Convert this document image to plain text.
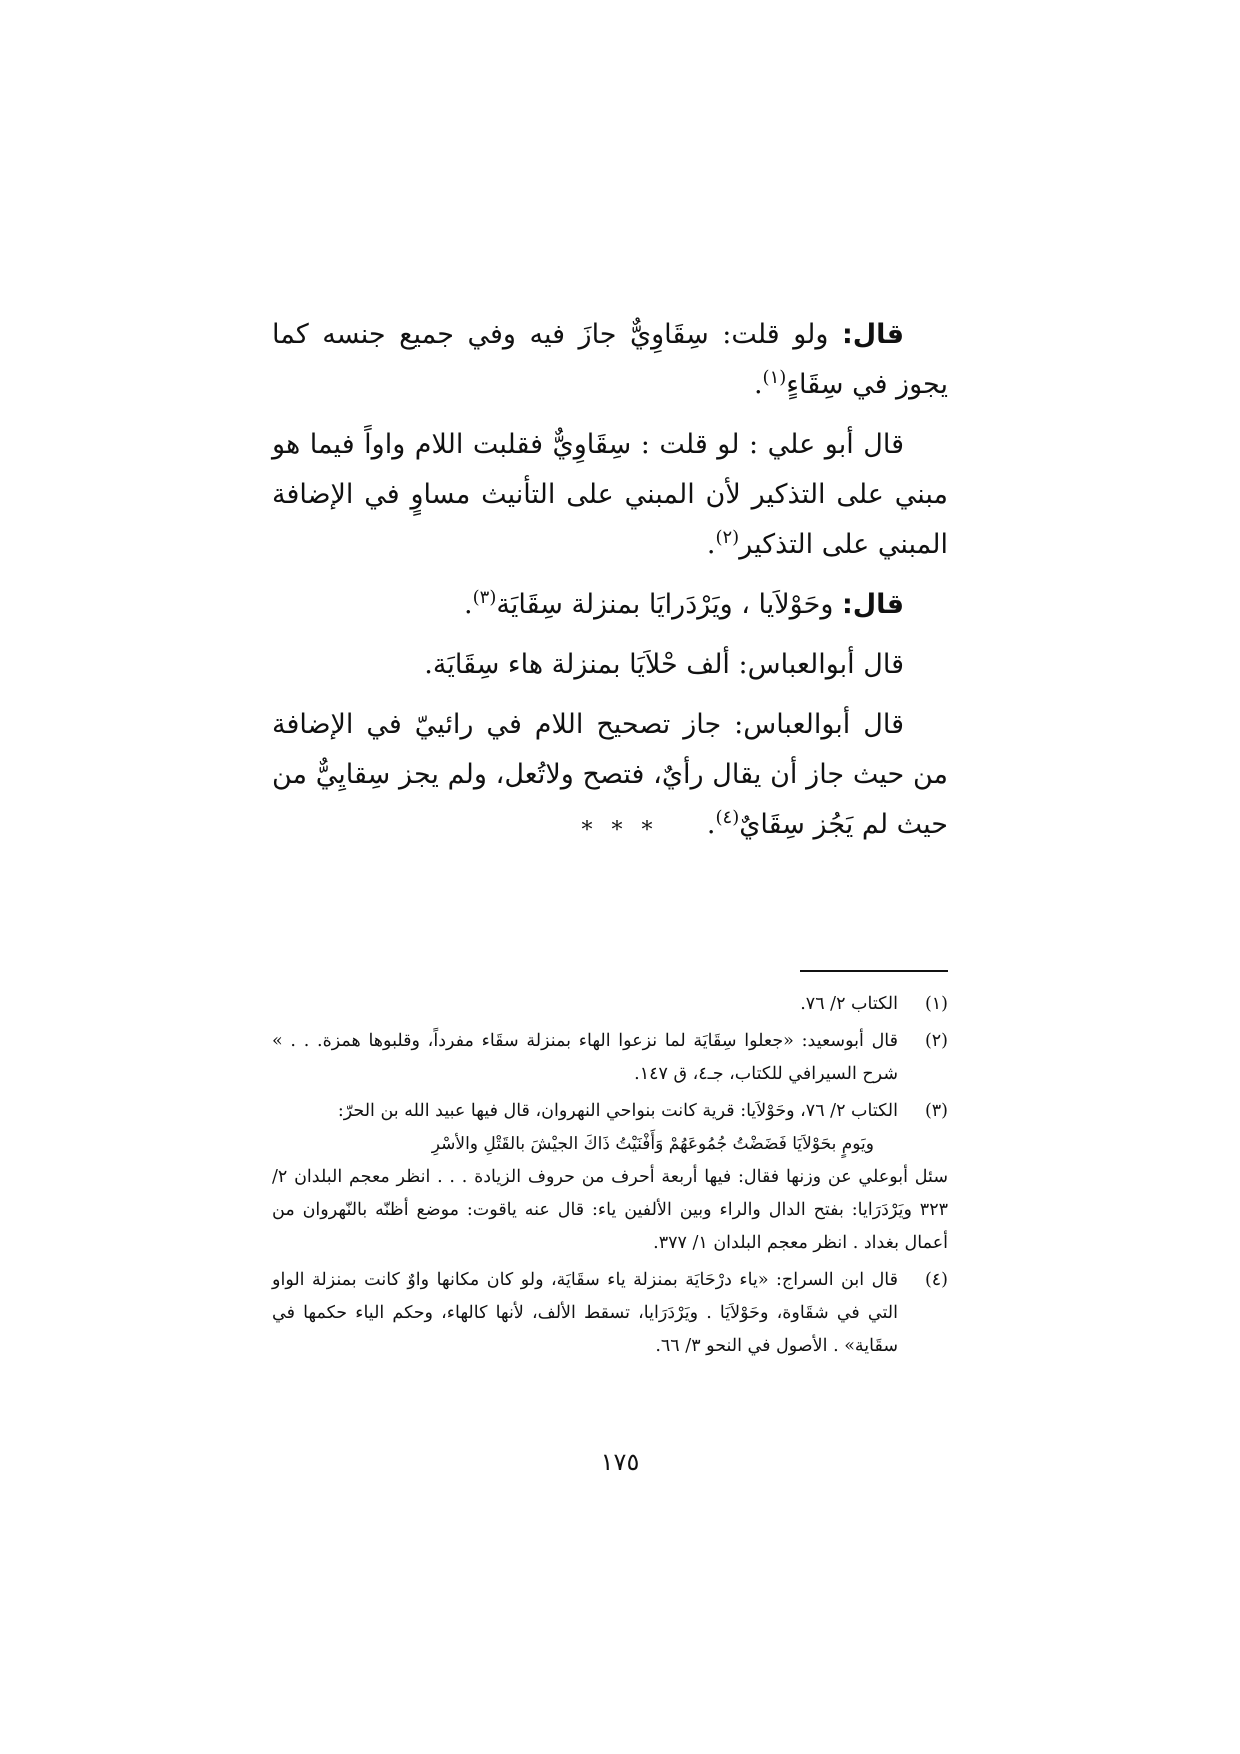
قال: ولو قلت: سِقَاوِيٌّ جازَ فيه وفي جميع جنسه كما يجوز في سِقَاءٍ$^{(١)}$.

قال أبو علي : لو قلت : سِقَاوِيٌّ فقلبت اللام واواً فيما هو مبني على التذكير لأن المبني على التأنيث مساوٍ في الإضافة المبني على التذكير$^{(٢)}$.

قال: وحَوْلاَيا ، ويَرْدَرايَا بمنزلة سِقَايَة$^{(٣)}$.

قال أبوالعباس: ألف حْلاَيَا بمنزلة هاء سِقَايَة.

قال أبوالعباس: جاز تصحيح اللام في رائييّ في الإضافة من حيث جاز أن يقال رأيٌ، فتصح ولاتُعل، ولم يجز سِقايِيٌّ من حيث لم يَجُز سِقَايٌ$^{(٤)}$.

* * *
(١)
الكتاب ٢/ ٧٦.
(٢)
قال أبوسعيد: «جعلوا سِقَايَة لما نزعوا الهاء بمنزلة سقَاء مفرداً، وقلبوها همزة. . . » شرح السيرافي للكتاب، جـ٤، ق ١٤٧.
(٣)
الكتاب ٢/ ٧٦، وحَوْلاَيا: قرية كانت بنواحي النهروان، قال فيها عبيد الله بن الحرّ:
ويَومٍ بحَوْلاَيَا فَضَضْتُ جُمُوعَهُمْ وَأَفْنَيْتُ ذَاكَ الجيْشَ بالقَتْلِ والأسْرِ
سئل أبوعلي عن وزنها فقال: فيها أربعة أحرف من حروف الزيادة . . . انظر معجم البلدان ٢/ ٣٢٣ ويَرْدَرَايا: بفتح الدال والراء وبين الألفين ياء: قال عنه ياقوت: موضع أظنّه بالنّهروان من أعمال بغداد . انظر معجم البلدان ١/ ٣٧٧.
(٤)
قال ابن السراج: «ياء درْحَايَة بمنزلة ياء سقَايَة، ولو كان مكانها واوٌ كانت بمنزلة الواو التي في شقَاوة، وحَوْلاَيَا . ويَرْدَرَايا، تسقط الألف، لأنها كالهاء، وحكم الياء حكمها في سقَاية» . الأصول في النحو ٣/ ٦٦.
١٧٥
